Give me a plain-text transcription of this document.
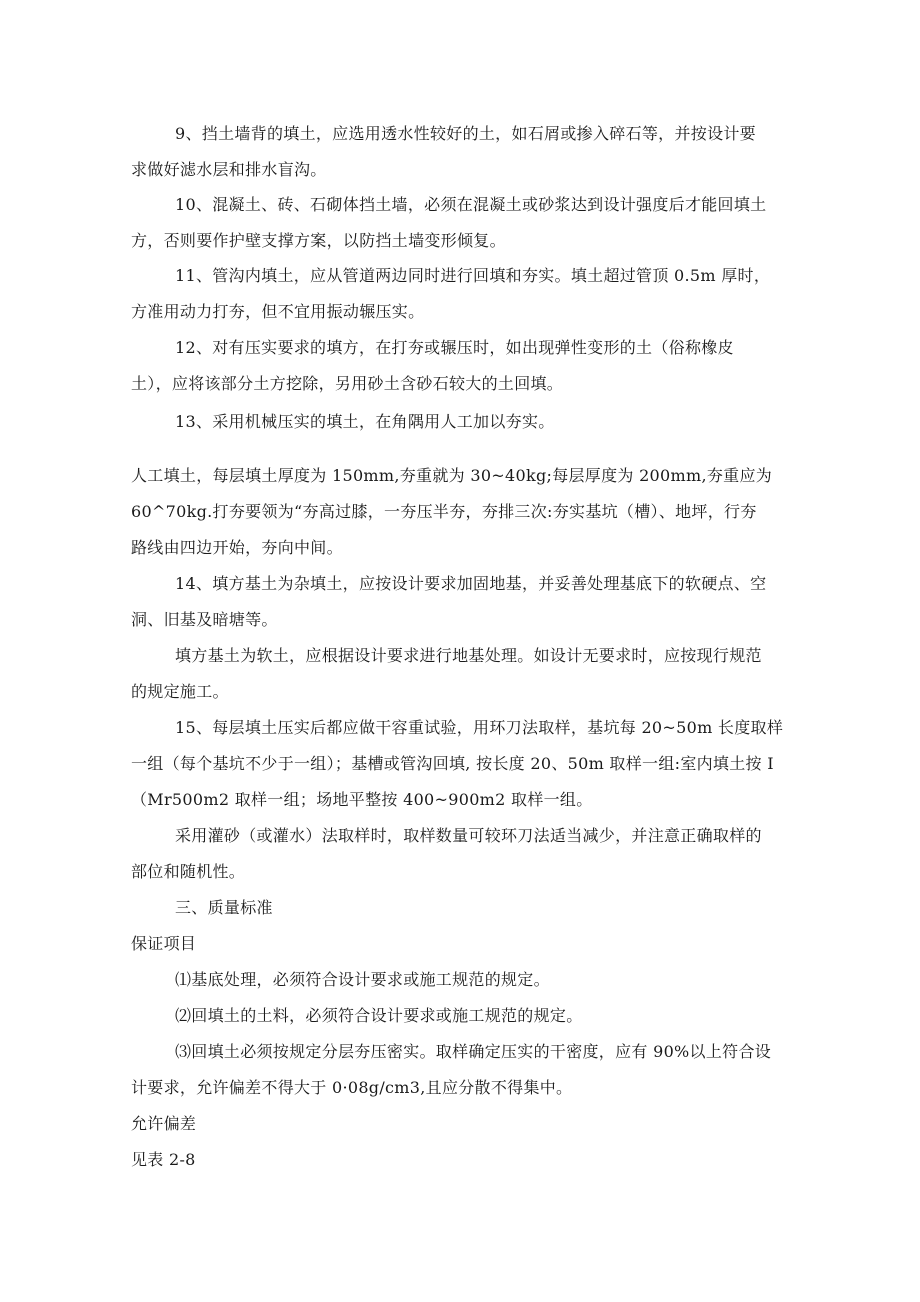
9、挡土墙背的填土，应选用透水性较好的土，如石屑或掺入碎石等，并按设计要
求做好滤水层和排水盲沟。

10、混凝土、砖、石砌体挡土墙，必须在混凝土或砂浆达到设计强度后才能回填土
方，否则要作护壁支撑方案，以防挡土墙变形倾复。

11、管沟内填土，应从管道两边同时进行回填和夯实。填土超过管顶 0.5m 厚时，
方准用动力打夯，但不宜用振动辗压实。

12、对有压实要求的填方，在打夯或辗压时，如出现弹性变形的土（俗称橡皮
土），应将该部分土方挖除，另用砂土含砂石较大的土回填。

13、采用机械压实的填土，在角隅用人工加以夯实。

人工填土，每层填土厚度为 150mm,夯重就为 30~40kg;每层厚度为 200mm,夯重应为
60^70kg.打夯要领为“夯高过膝，一夯压半夯，夯排三次:夯实基坑（槽）、地坪，行夯
路线由四边开始，夯向中间。

14、填方基土为杂填土，应按设计要求加固地基，并妥善处理基底下的软硬点、空
洞、旧基及暗塘等。

填方基土为软土，应根据设计要求进行地基处理。如设计无要求时，应按现行规范
的规定施工。

15、每层填土压实后都应做干容重试验，用环刀法取样，基坑每 20~50m 长度取样
一组（每个基坑不少于一组）；基槽或管沟回填, 按长度 20、50m 取样一组:室内填土按 I
（Mr500m2 取样一组；场地平整按 400~900m2 取样一组。

采用灌砂（或灌水）法取样时，取样数量可较环刀法适当减少，并注意正确取样的
部位和随机性。

三、质量标准

保证项目

⑴基底处理，必须符合设计要求或施工规范的规定。

⑵回填土的土料，必须符合设计要求或施工规范的规定。

⑶回填土必须按规定分层夯压密实。取样确定压实的干密度，应有 90%以上符合设
计要求，允许偏差不得大于 0·08g/cm3,且应分散不得集中。

允许偏差

见表 2-8
